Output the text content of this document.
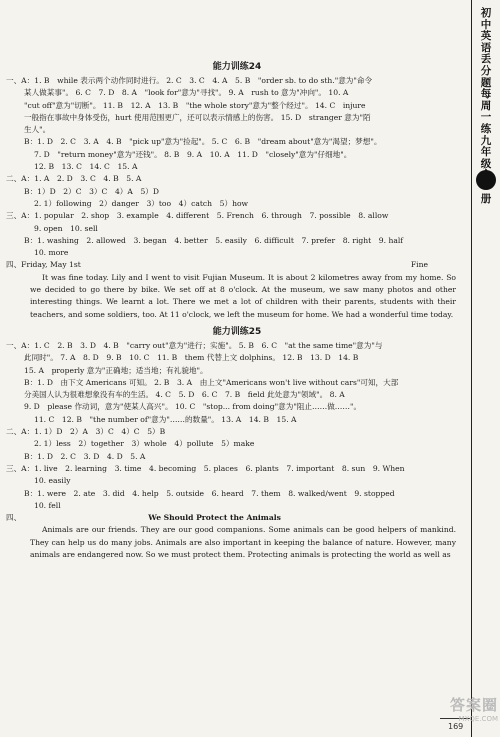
能力训练24

一、A：1. B　while 表示两个动作同时进行。 2. C　3. C　4. A　5. B　"order sb. to do sth."意为"命令

某人做某事"。 6. C　7. D　8. A　"look for"意为"寻找"。 9. A　rush to 意为"冲向"。 10. A

"cut off"意为"切断"。 11. B　12. A　13. B　"the whole story"意为"整个经过"。 14. C　injure

一般指在事故中身体受伤，hurt 使用范围更广，还可以表示情感上的伤害。 15. D　stranger 意为"陌

生人"。

B：1. D　2. C　3. A　4. B　"pick up"意为"捡起"。 5. C　6. B　"dream about"意为"渴望；梦想"。

7. D　"return money"意为"还钱"。 8. B　9. A　10. A　11. D　"closely"意为"仔细地"。

12. B　13. C　14. C　15. A

二、A：1. A　2. D　3. C　4. B　5. A

B：1）D　2）C　3）C　4）A　5）D

2. 1）following　2）danger　3）too　4）catch　5）how

三、A：1. popular　2. shop　3. example　4. different　5. French　6. through　7. possible　8. allow

9. open　10. sell

B：1. washing　2. allowed　3. began　4. better　5. easily　6. difficult　7. prefer　8. right　9. half

10. more

四、Friday, May 1st	Fine

It was fine today. Lily and I went to visit Fujian Museum. It is about 2 kilometres away from my home. So we decided to go there by bike. We set off at 8 o'clock. At the museum, we saw many photos and other interesting things. We learnt a lot. There we met a lot of children with their parents, students with their teachers, and some soldiers, too. At 11 o'clock, we left the museum for home. We had a wonderful time today.

能力训练25

一、A：1. C　2. B　3. D　4. B　"carry out"意为"进行；实施"。 5. B　6. C　"at the same time"意为"与

此同时"。 7. A　8. D　9. B　10. C　11. B　them 代替上文 dolphins。 12. B　13. D　14. B

15. A　properly 意为"正确地；适当地；有礼貌地"。

B：1. D　由下文 Americans 可知。 2. B　3. A　由上文"Americans won't live without cars"可知，大部

分美国人认为很难想象没有车的生活。 4. C　5. D　6. C　7. B　field 此处意为"领域"。 8. A

9. D　please 作动词，意为"使某人高兴"。 10. C　"stop... from doing"意为"阻止……做……"。

11. C　12. B　"the number of"意为"……的数量"。 13. A　14. B　15. A

二、A：1. 1）D　2）A　3）C　4）C　5）B

2. 1）less　2）together　3）whole　4）pollute　5）make

B：1. D　2. C　3. D　4. D　5. A

三、A：1. live　2. learning　3. time　4. becoming　5. places　6. plants　7. important　8. sun　9. When

10. easily

B：1. were　2. ate　3. did　4. help　5. outside　6. heard　7. them　8. walked/went　9. stopped

10. fell

四、	We Should Protect the Animals

Animals are our friends. They are our good companions. Some animals can be good helpers of mankind. They can help us do many jobs. Animals are also important in keeping the balance of nature. However, many animals are endangered now. So we must protect them. Protecting animals is protecting the world as well as

169
初中英语丢分题每周一练九年级 册
答案圈
MXQE.COM
